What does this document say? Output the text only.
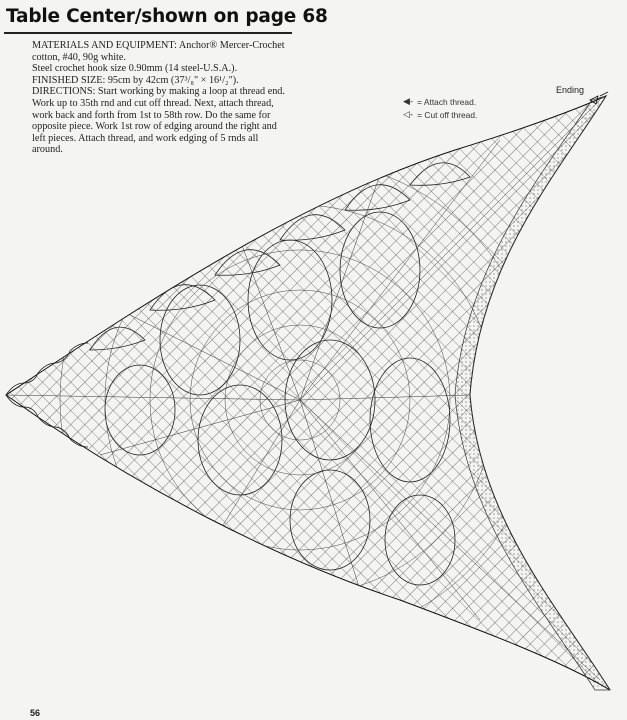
Table Center/shown on page 68

MATERIALS AND EQUIPMENT: Anchor® Mercer-Crochet cotton, #40, 90g white.

Steel crochet hook size 0.90mm (14 steel-U.S.A.).

FINISHED SIZE: 95cm by 42cm (37³/₈" × 16¹/₂").

DIRECTIONS: Start working by making a loop at thread end. Work up to 35th rnd and cut off thread. Next, attach thread, work back and forth from 1st to 58th row. Do the same for opposite piece. Work 1st row of edging around the right and left pieces. Attach thread, and work edging of 5 rnds all around.

◀- = Attach thread.
◁- = Cut off thread.
Ending
56
